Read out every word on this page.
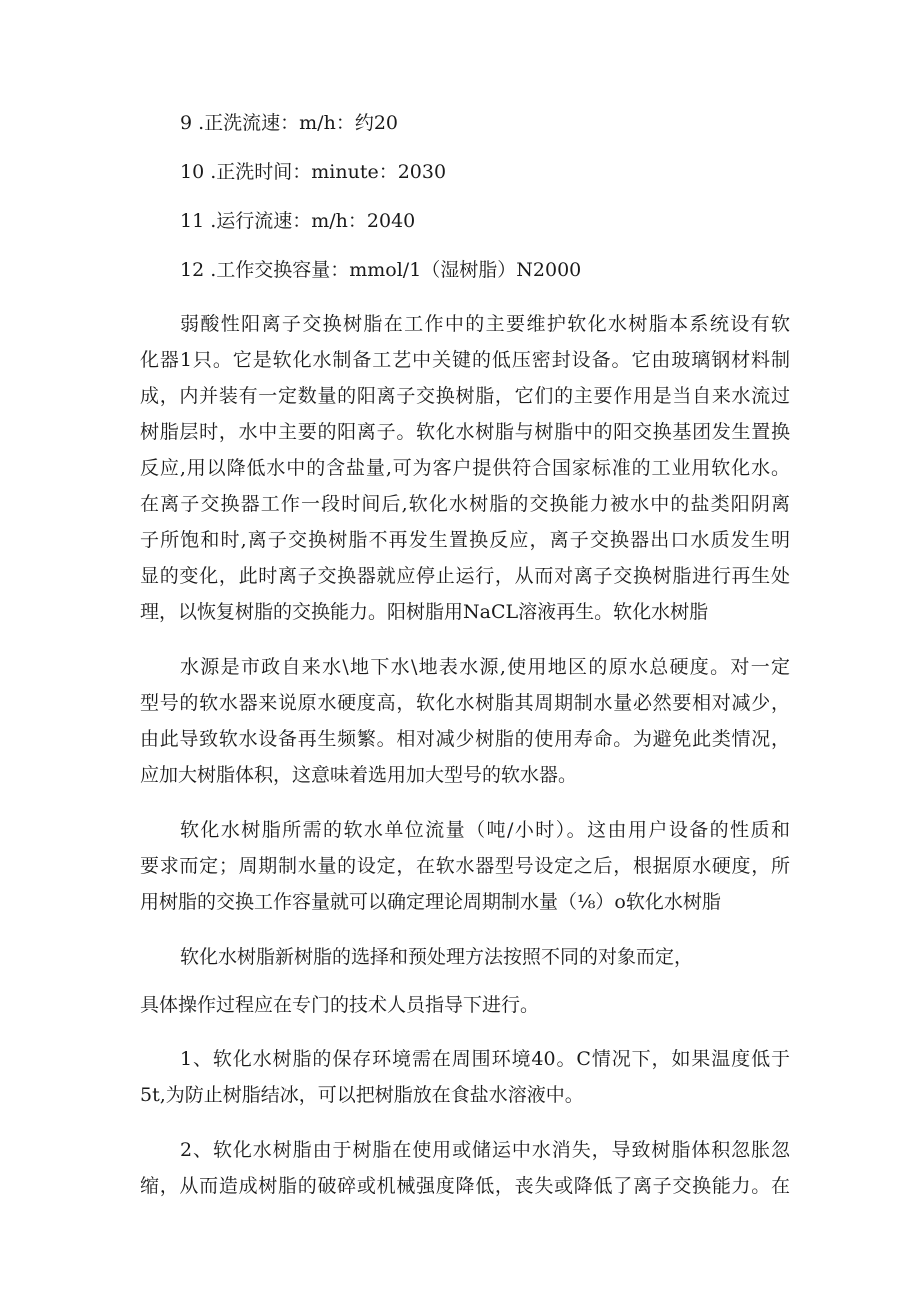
9 .正洗流速：m/h：约20
10 .正洗时间：minute：2030
11 .运行流速：m/h：2040
12 .工作交换容量：mmol/1（湿树脂）N2000
弱酸性阳离子交换树脂在工作中的主要维护软化水树脂本系统设有软
化器1只。它是软化水制备工艺中关键的低压密封设备。它由玻璃钢材料制
成，内并装有一定数量的阳离子交换树脂，它们的主要作用是当自来水流过
树脂层时，水中主要的阳离子。软化水树脂与树脂中的阳交换基团发生置换
反应,用以降低水中的含盐量,可为客户提供符合国家标准的工业用软化水。
在离子交换器工作一段时间后,软化水树脂的交换能力被水中的盐类阳阴离
子所饱和时,离子交换树脂不再发生置换反应，离子交换器出口水质发生明
显的变化，此时离子交换器就应停止运行，从而对离子交换树脂进行再生处
理，以恢复树脂的交换能力。阳树脂用NaCL溶液再生。软化水树脂
水源是市政自来水\地下水\地表水源,使用地区的原水总硬度。对一定
型号的软水器来说原水硬度高，软化水树脂其周期制水量必然要相对减少，
由此导致软水设备再生频繁。相对减少树脂的使用寿命。为避免此类情况，
应加大树脂体积，这意味着选用加大型号的软水器。
软化水树脂所需的软水单位流量（吨/小时）。这由用户设备的性质和
要求而定；周期制水量的设定，在软水器型号设定之后，根据原水硬度，所
用树脂的交换工作容量就可以确定理论周期制水量（⅛）o软化水树脂
软化水树脂新树脂的选择和预处理方法按照不同的对象而定，
具体操作过程应在专门的技术人员指导下进行。
1、软化水树脂的保存环境需在周围环境40。C情况下，如果温度低于
5t,为防止树脂结冰，可以把树脂放在食盐水溶液中。
2、软化水树脂由于树脂在使用或储运中水消失，导致树脂体积忽胀忽
缩，从而造成树脂的破碎或机械强度降低，丧失或降低了离子交换能力。在
